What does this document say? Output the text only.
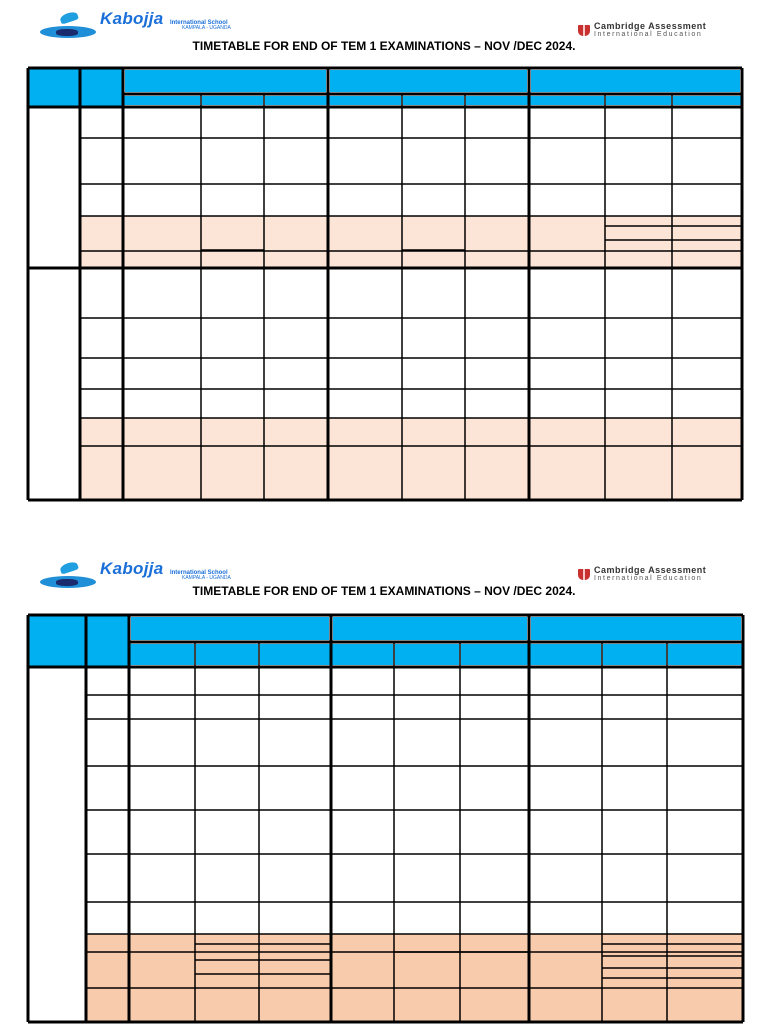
Kabojja International School
KAMPALA - UGANDA	Cambridge Assessment
International Education
TIMETABLE FOR END OF TEM 1 EXAMINATIONS – NOV /DEC 2024.
Kabojja International School
KAMPALA - UGANDA
Cambridge Assessment
International Education
TIMETABLE FOR END OF TEM 1 EXAMINATIONS – NOV /DEC 2024.
